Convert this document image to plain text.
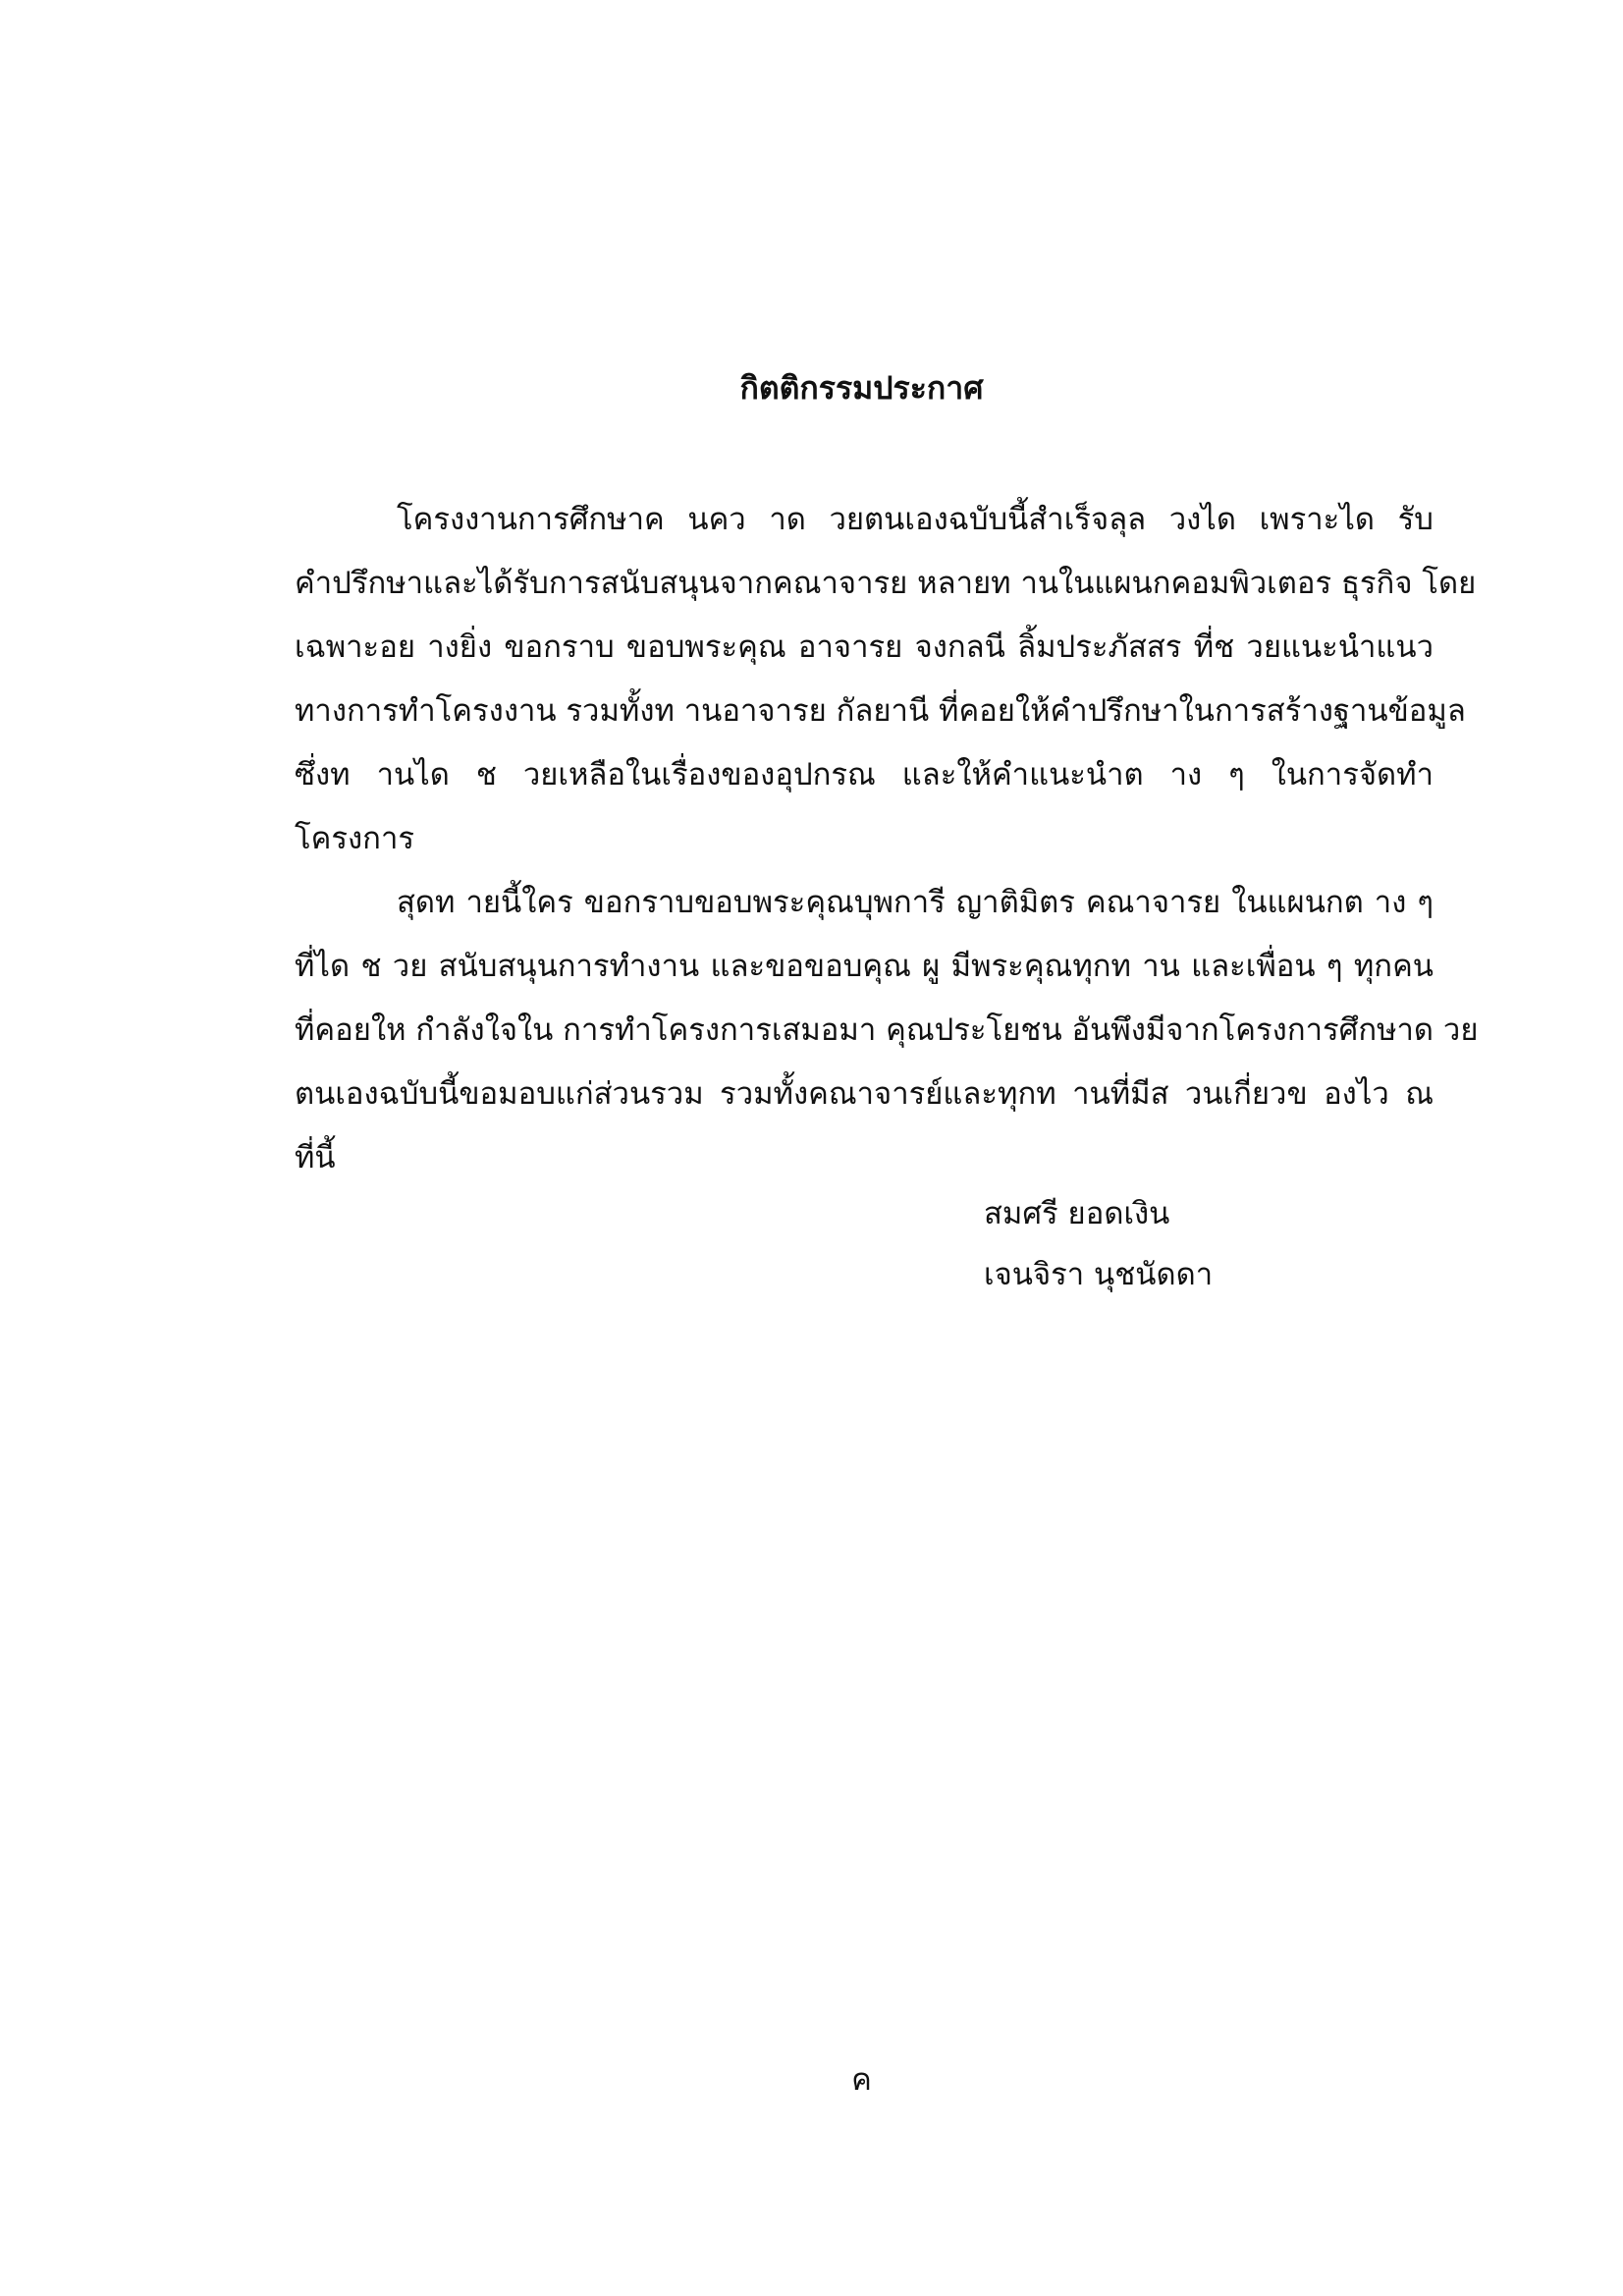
กิตติกรรมประกาศ
โครงงานการศึกษาค นคว าด วยตนเองฉบับนี้สำเร็จลุล วงได เพราะได รับ
คำปรึกษาและได้รับการสนับสนุนจากคณาจารย หลายท านในแผนกคอมพิวเตอร ธุรกิจ โดย
เฉพาะอย างยิ่ง ขอกราบ ขอบพระคุณ อาจารย จงกลนี ลิ้มประภัสสร ที่ช วยแนะนำแนว
ทางการทำโครงงาน รวมทั้งท านอาจารย กัลยานี ที่คอยให้คำปรึกษาในการสร้างฐานข้อมูล
ซึ่งท านได ช วยเหลือในเรื่องของอุปกรณ และให้คำแนะนำต าง ๆ ในการจัดทำ
โครงการ
สุดท ายนี้ใคร ขอกราบขอบพระคุณบุพการี ญาติมิตร คณาจารย ในแผนกต าง ๆ
ที่ได ช วย สนับสนุนการทำงาน และขอขอบคุณ ผู มีพระคุณทุกท าน และเพื่อน ๆ ทุกคน
ที่คอยให กำลังใจใน การทำโครงการเสมอมา คุณประโยชน อันพึงมีจากโครงการศึกษาด วย
ตนเองฉบับนี้ขอมอบแก่ส่วนรวม รวมทั้งคณาจารย์และทุกท านที่มีส วนเกี่ยวข องไว ณ
ที่นี้
สมศรี ยอดเงิน
เจนจิรา นุชนัดดา
ค
